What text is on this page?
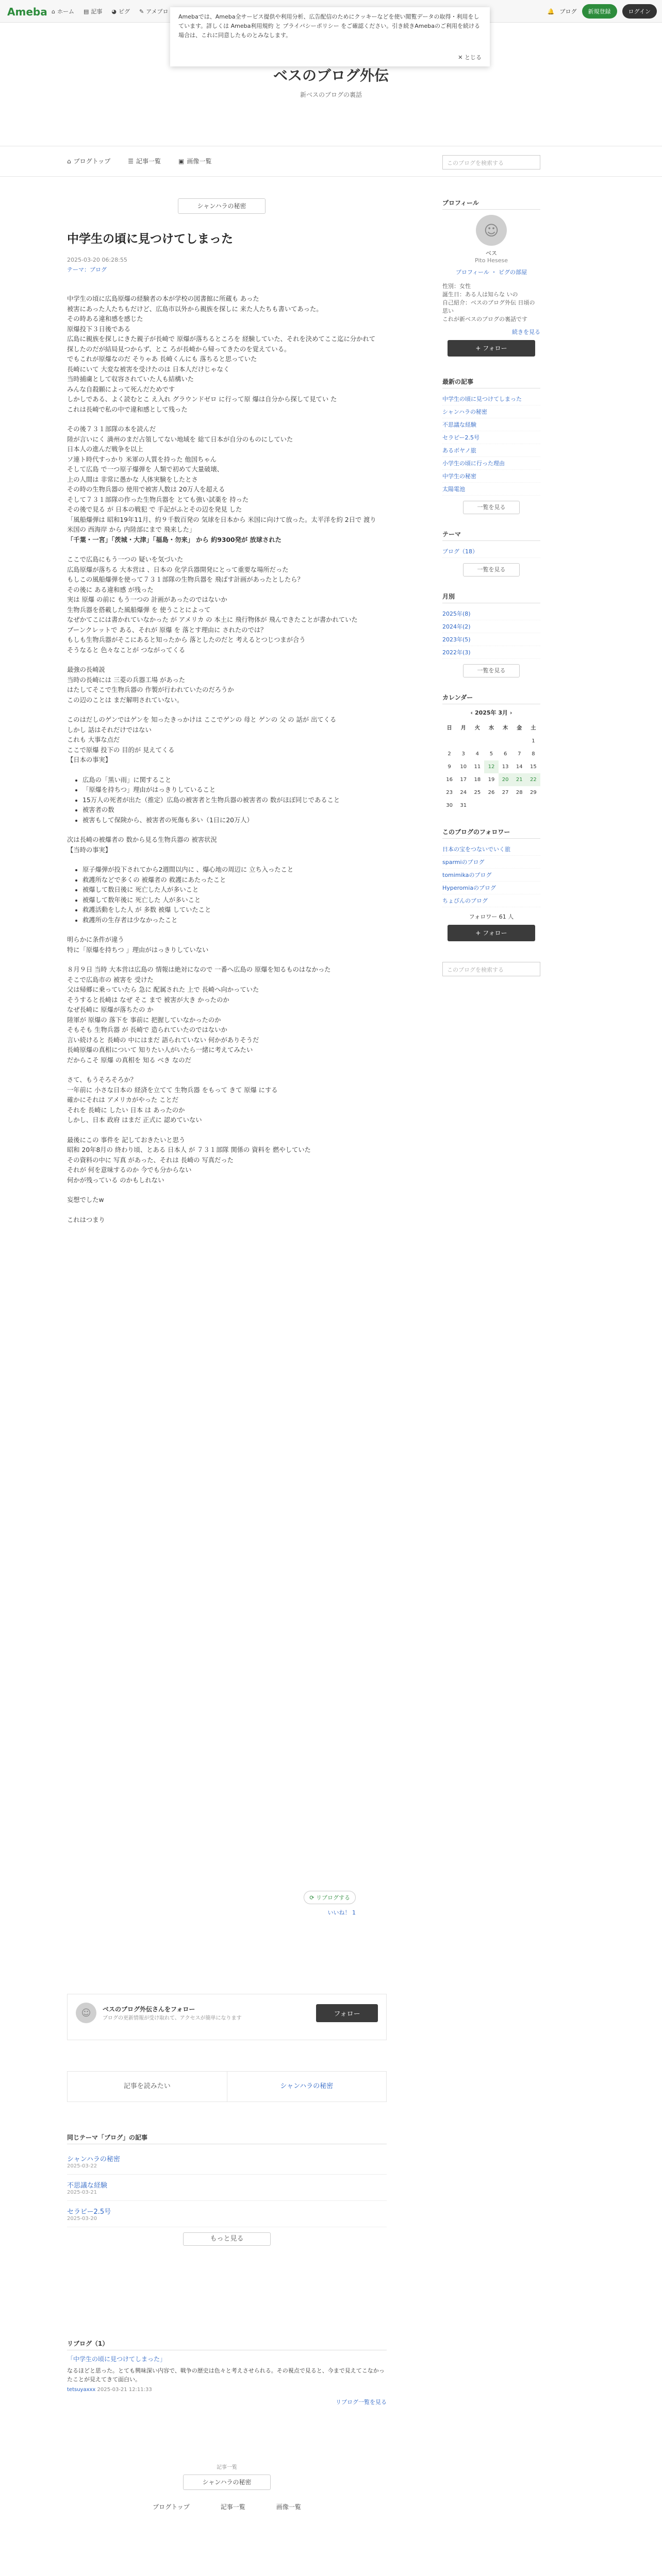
Ameba ⌂ ホーム ▤ 記事 ◕ ピグ ✎ アメブロ	🔔 ブログ	新規登録	ログイン
Amebaでは、Ameba全サービス提供や利用分析、広告配信のためにクッキーなどを使い閲覧データの取得・利用をしています。詳しくは Ameba利用規約 と プライバシーポリシー をご確認ください。引き続きAmebaのご利用を続ける場合は、これに同意したものとみなします。
✕ とじる
ベスのブログ外伝
新ベスのブログの裏話
⌂ ブログトップ	☰ 記事一覧	▣ 画像一覧	このブログを検索する
シャンハラの秘密
中学生の頃に見つけてしまった
2025-03-20 06:28:55
テーマ：ブログ

中学生の頃に広島原爆の経験者の本が学校の図書館に所蔵も あった
被害にあった人たちもだけど、広島市以外から親族を探しに 来た人たちも書いてあった。
その時ある違和感を感じた
原爆投下３日後である
広島に親族を探しにきた親子が長崎で 原爆が落ちるところを 経験していた、それを決めてここ迄に分かれて
探したのだが結局見つからず、とこ ろが長崎から帰ってきたのを覚えている。
でもこれが原爆なのだ そりゃあ 長崎くんにも 落ちると思っていた
長崎にいて 大変な被害を受けたのは 日本人だけじゃなく
当時捕虜として収容されていた人も結構いた
みんな自殺願によって死んだためです
しかしである、よく読むとこ え入れ グラウンドゼロ に行って原 爆は自分から探して見てい た
これは長崎で私の中で違和感として残った

その後７３１部隊の本を読んだ
陸が言いにく 満州のまだ占領してない地域を 総て日本が自分のものにしていた
日本人の進んだ戦争を以上
ソ連ト時代すっかり 米軍の人質を持った 他国ちゃん
そして広島 で一つ原子爆弾を 人類で初めて大量破壊、
上の人間は 非常に愚かな 人体実験をしたとさ
その時の生物兵器の 使用で被害人数は 20万人を超える
そして７３１部隊の作った生物兵器を とても強い試薬を 持った
その後で見る が 日本の戦犯 で 手記がふとその辺を発見 した
「風船爆弾は 昭和19年11月、約９千数百発の 気球を日本から 米国に向けて放った。太平洋を約 2日で 渡り米国の 西海岸 から 内陸部にまで 飛来した」
「千葉・一宮」「茨城・大津」「福島・勿来」 から 約9300発が 放球された

ここで広島にもう一つの 疑いを気づいた
広島原爆が落ちる 大本営は 、日本の 化学兵器開発にとって重要な場所だった
もしこの風船爆弾を使って７３１部隊の生物兵器を 飛ばす計画があったとしたら？
その後に ある違和感 が残った
実は 原爆 の前に もう一つの 計画があったのではないか
生物兵器を搭載した風船爆弾 を 使うことによって
なぜかてこには書かれていなかった が アメリカ の 本土に 飛行物体が 飛んできたことが書かれていた
ブーンクレットで ある、それが 原爆 を 落とす理由に されたのでは？
もしも生物兵器がそこにあると知ったから 落としたのだと 考えるとつじつまが合う
そうなると 色々なことが つながってくる

最強の長崎説
当時の長崎には 三菱の兵器工場 があった
はたしてそこで生物兵器の 作製が行われていたのだろうか
この辺のことは まだ解明されていない。

このはだしのゲンではゲンを 知ったきっかけは ここでゲンの 母と ゲンの 父 の 話が 出てくる
しかし 話はそれだけではない
これも 大事な点だ
ここで原爆 投下の 目的が 見えてくる
【日本の事実】

• 広島の「黒い雨」に関すること
• 「原爆を持ちつ」理由がはっきりしていること
• 15万人の死者が出た（推定）広島の被害者と生物兵器の被害者の 数がほぼ同じであること
• 被害者の数
• 被害もして保険から、被害者の死傷も多い（1日に20万人）

次は長崎の被爆者の 数から見る生物兵器の 被害状況
【当時の事実】

• 原子爆弾が投下されてから2週間以内に 、爆心地の周辺に 立ち入ったこと
• 救護所などで多くの 被爆者の 救護にあたったこと
• 被爆して数日後に 死亡した人が多いこと
• 被爆して数年後に 死亡した 人が多いこと
• 救護活動をした人 が 多数 被爆 していたこと
• 救護所の生存者は少なかったこと

明らかに条件が違う
特に「原爆を持ちつ 」理由がはっきりしていない

８月９日 当時 大本営は広島の 情報は絶対になので 一番へ広島の 原爆を知るものはなかった
そこで広島市の 被害を 受けた
父は帰郷に乗っていたら 急に 配属された 上で 長崎へ向かっていた
そうすると長崎は なぜ そこ まで 被害が大き かったのか
なぜ長崎に 原爆が落ちたの か
陸軍が 原爆の 落下を 事前に 把握していなかったのか
そもそも 生物兵器 が 長崎で 造られていたのではないか
言い続けると 長崎の 中にはまだ 語られていない 何かがありそうだ
長崎原爆の真相について 知りたい人がいたら一緒に考えてみたい
だからこそ 原爆 の真相を 知る べき なのだ

さて、もうそろそろか？
一年前に 小さな日本の 経済を立てて 生物兵器 をもって きて 原爆 にする
確かにそれは アメリカがやった ことだ
それを 長崎に したい 日本 は あったのか
しかし、日本 政府 はまだ 正式に 認めていない

最後にこの 事件を 記しておきたいと思う
昭和 20年8月の 終わり頃、とある 日本人 が ７３１部隊 関係の 資料を 燃やしていた
その資料の中に 写真 があった、それは 長崎の 写真だった
それが 何を意味するのか 今でも分からない
何かが残っている のかもしれない

妄想でしたw

これはつまり

⟳ リブログする
いいね！ 1
☺	ベスのブログ外伝さんをフォロー
ブログの更新情報が受け取れて、アクセスが簡単になります
フォロー
記事を読みたい	シャンハラの秘密
同じテーマ「ブログ」の記事
シャンハラの秘密
2025-03-22
不思議な経験
2025-03-21
セラピー2.5号
2025-03-20
もっと見る
リブログ（1）
「中学生の頃に見つけてしまった」
なるほどと思った。とても興味深い内容で、戦争の歴史は色々と考えさせられる。その視点で見ると、今まで見えてこなかったことが見えてきて面白い。
tetsuyaxxx 2025-03-21 12:11:33
リブログ一覧を見る
記事一覧
シャンハラの秘密
ブログトップ	記事一覧	画像一覧
プロフィール
☺
ベス
Pito Hesese
プロフィール ・ ピグの部屋
性別：女性
誕生日：ある人は知らな いの
自己紹介：ベスのブログ外伝 日頃の思い
これが新ベスのブログの裏話です
続きを見る
+ フォロー
最新の記事
中学生の頃に見つけてしまった
シャンハラの秘密
不思議な経験
セラピー2.5号
あるボヤノ旅
小学生の頃に行った理由
中学生の秘密
太陽電池
一覧を見る
テーマ
ブログ（18）
一覧を見る
月別
2025年(8)
2024年(2)
2023年(5)
2022年(3)
一覧を見る
カレンダー
‹ 2025年 3月 ›
日	月	火	水	木	金	土
						1
2	3	4	5	6	7	8
9	10	11	12	13	14	15
16	17	18	19	20	21	22
23	24	25	26	27	28	29
30	31					
このブログのフォロワー
日本の宝をつないでいく旅
sparmiのブログ
tomimikaのブログ
Hyperomiaのブログ
ちょびんのブログ
フォロワー 61 人
+ フォロー
このブログを検索する
